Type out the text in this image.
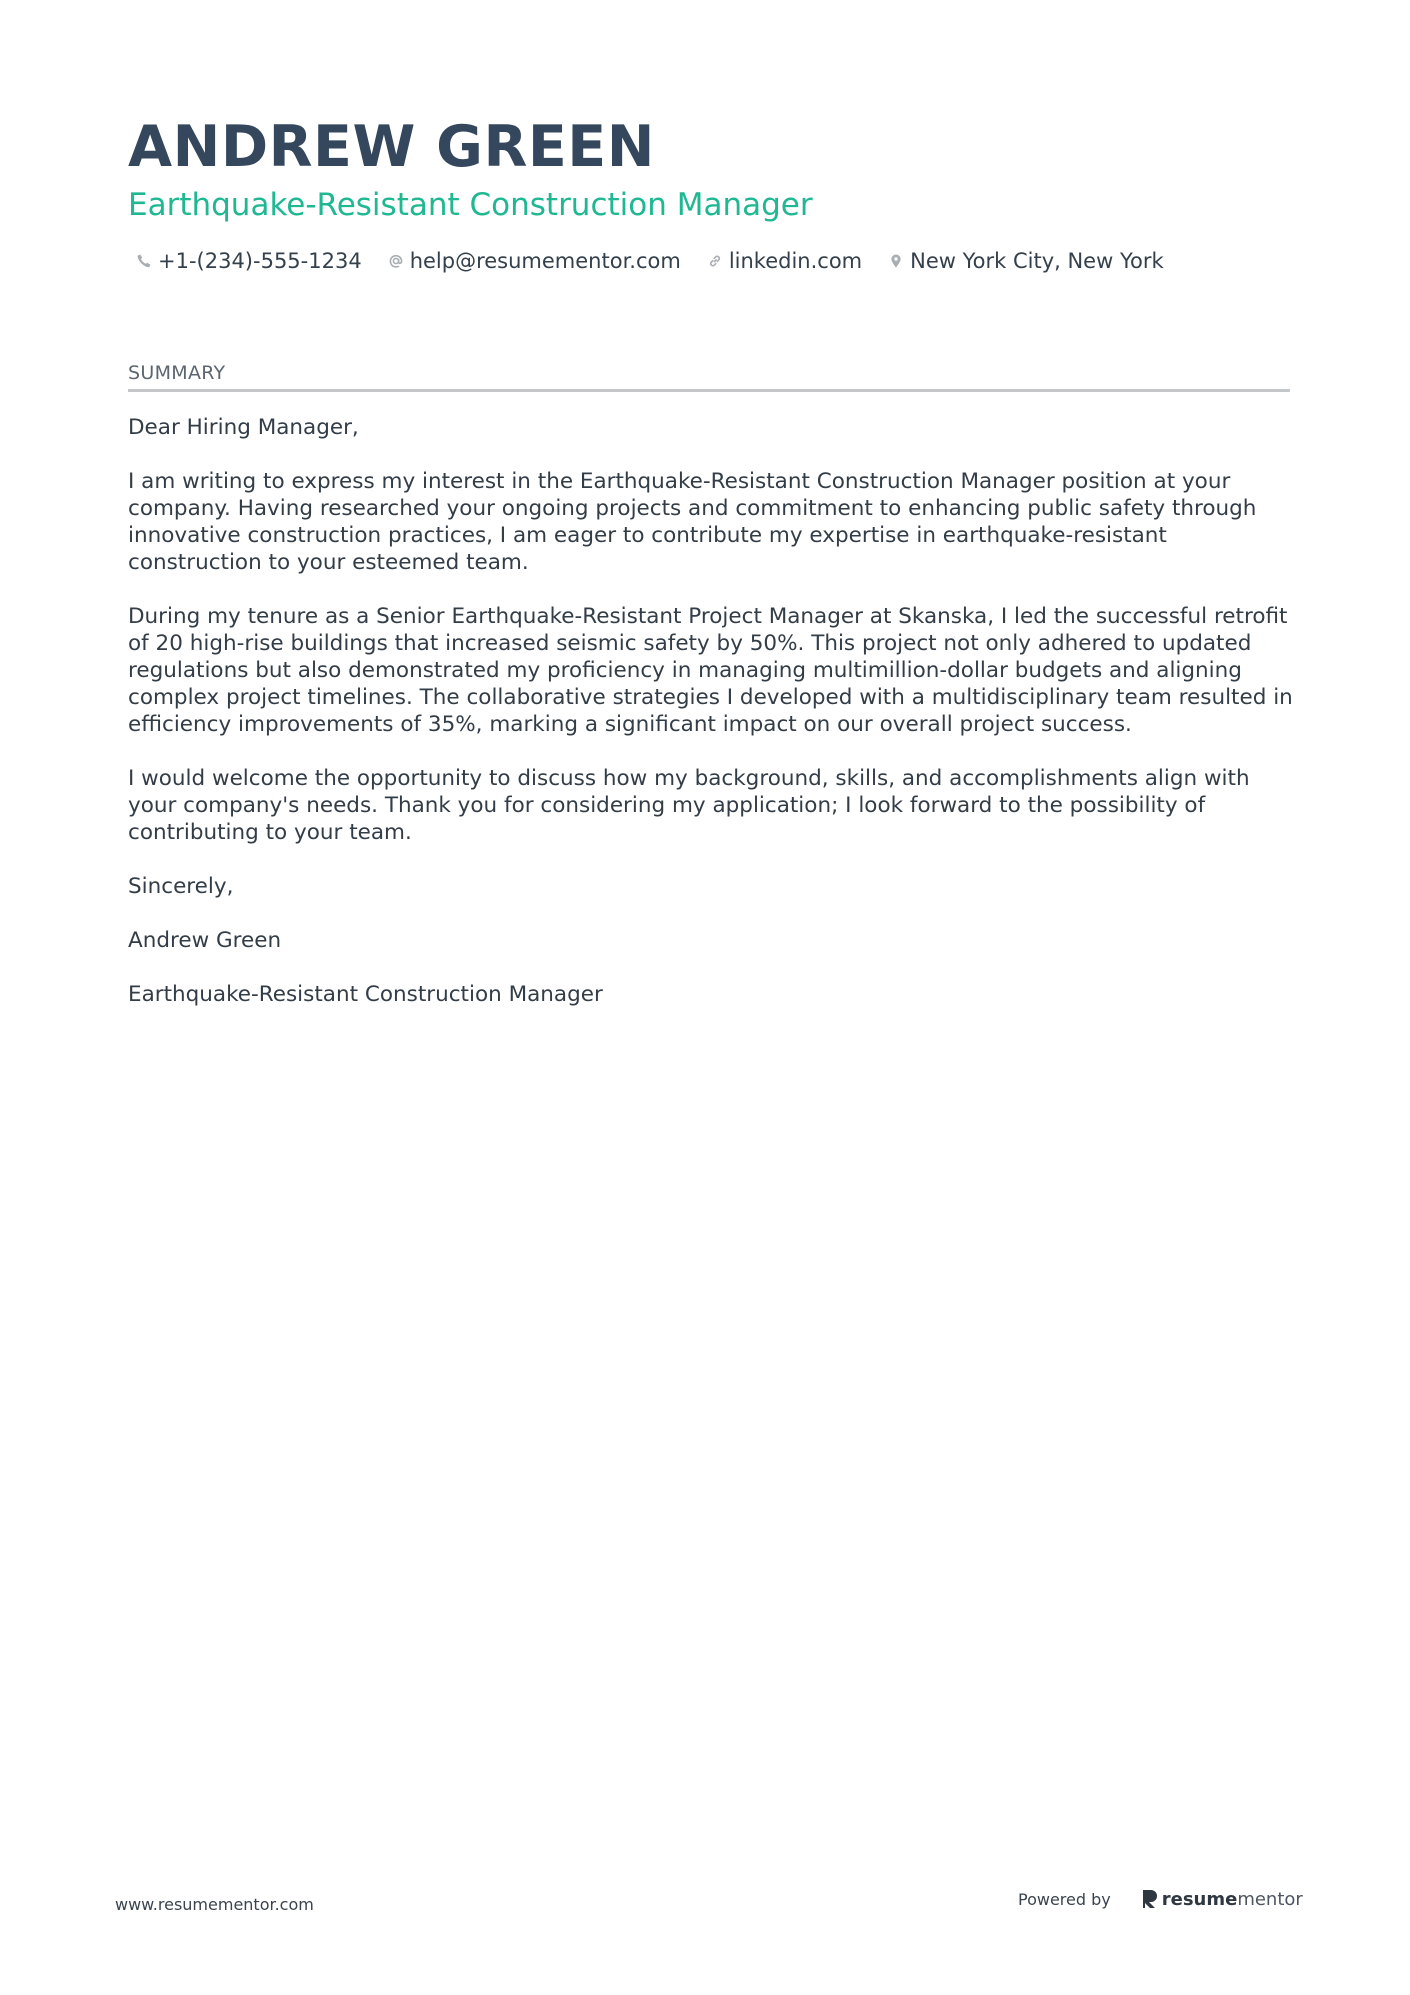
ANDREW GREEN
Earthquake-Resistant Construction Manager
+1-(234)-555-1234 help@resumementor.com linkedin.com New York City, New York
SUMMARY

Dear Hiring Manager,

I am writing to express my interest in the Earthquake-Resistant Construction Manager position at your company. Having researched your ongoing projects and commitment to enhancing public safety through innovative construction practices, I am eager to contribute my expertise in earthquake-resistant construction to your esteemed team.

During my tenure as a Senior Earthquake-Resistant Project Manager at Skanska, I led the successful retrofit of 20 high-rise buildings that increased seismic safety by 50%. This project not only adhered to updated regulations but also demonstrated my proficiency in managing multimillion-dollar budgets and aligning complex project timelines. The collaborative strategies I developed with a multidisciplinary team resulted in efficiency improvements of 35%, marking a significant impact on our overall project success.

I would welcome the opportunity to discuss how my background, skills, and accomplishments align with your company's needs. Thank you for considering my application; I look forward to the possibility of contributing to your team.

Sincerely,

Andrew Green

Earthquake-Resistant Construction Manager

www.resumementor.com	Powered by	resume mentor
